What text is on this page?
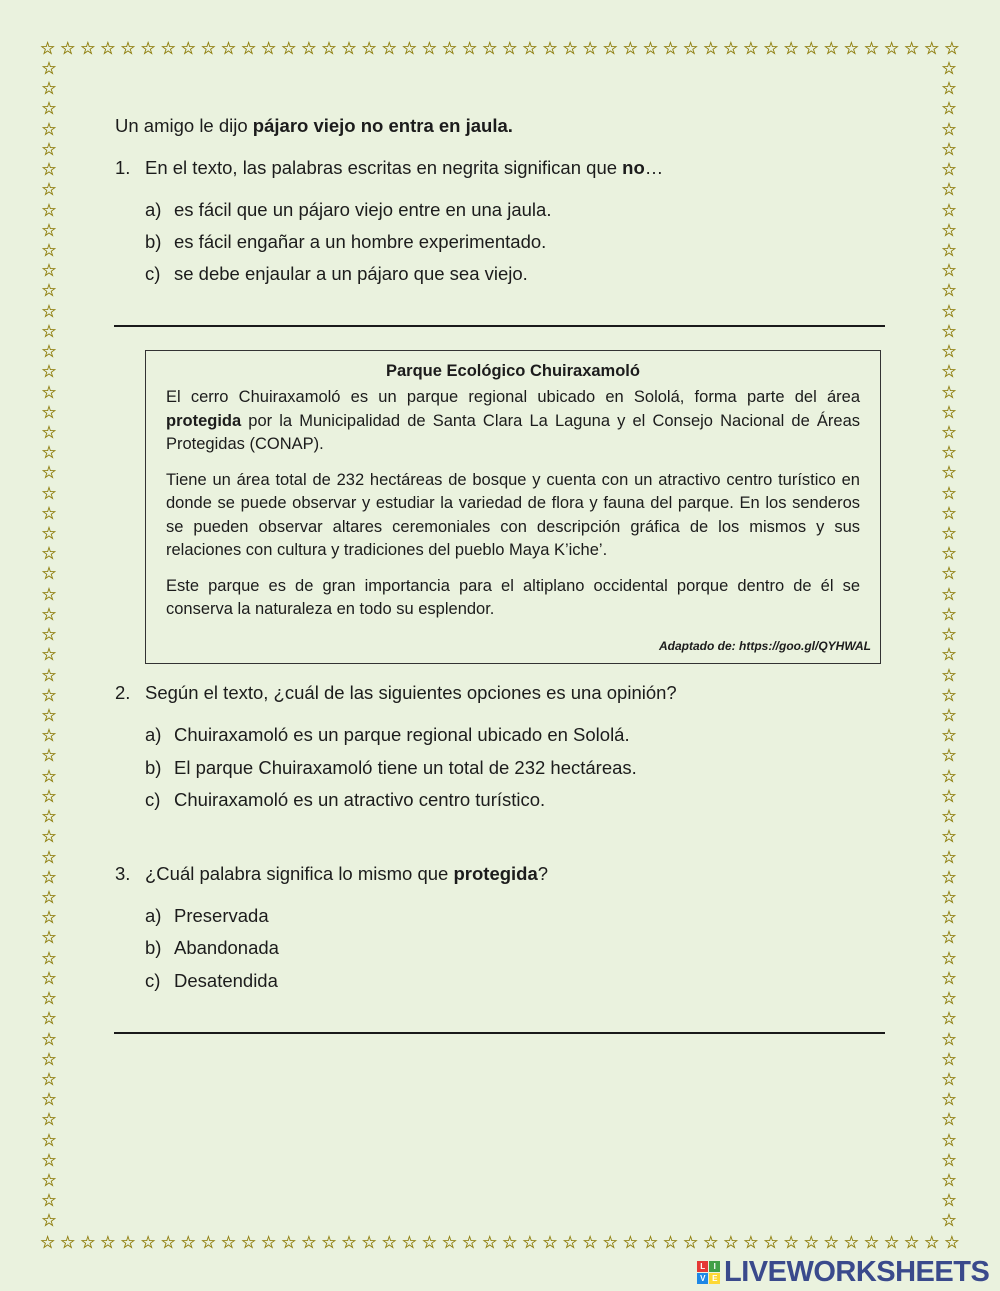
☆ ☆ ☆ ☆ ☆ ☆ ☆ ☆ ☆ ☆ ☆ ☆ ☆ ☆ ☆ ☆ ☆ ☆ ☆ ☆ ☆ ☆ ☆ ☆ ☆ ☆ ☆ ☆ ☆ ☆ ☆ ☆ ☆ ☆ ☆ ☆ ☆ ☆ ☆ ☆ ☆ ☆ ☆ ☆ ☆ ☆
☆ ☆ ☆ ☆ ☆ ☆ ☆ ☆ ☆ ☆ ☆ ☆ ☆ ☆ ☆ ☆ ☆ ☆ ☆ ☆ ☆ ☆ ☆ ☆ ☆ ☆ ☆ ☆ ☆ ☆ ☆ ☆ ☆ ☆ ☆ ☆ ☆ ☆ ☆ ☆ ☆ ☆ ☆ ☆ ☆ ☆
☆
☆
☆
☆
☆
☆
☆
☆
☆
☆
☆
☆
☆
☆
☆
☆
☆
☆
☆
☆
☆
☆
☆
☆
☆
☆
☆
☆
☆
☆
☆
☆
☆
☆
☆
☆
☆
☆
☆
☆
☆
☆
☆
☆
☆
☆
☆
☆
☆
☆
☆
☆
☆
☆
☆
☆
☆
☆
☆
☆
☆
☆
☆
☆
☆
☆
☆
☆
☆
☆
☆
☆
☆
☆
☆
☆
☆
☆
☆
☆
☆
☆
☆
☆
☆
☆
☆
☆
☆
☆
☆
☆
☆
☆
☆
☆
☆
☆
☆
☆
☆
☆
☆
☆
☆
☆
☆
☆
☆
☆
☆
☆
☆
☆
☆
☆
Un amigo le dijo pájaro viejo no entra en jaula.
1. En el texto, las palabras escritas en negrita significan que no…
a) es fácil que un pájaro viejo entre en una jaula.
b) es fácil engañar a un hombre experimentado.
c) se debe enjaular a un pájaro que sea viejo.
Parque Ecológico Chuiraxamoló

El cerro Chuiraxamoló es un parque regional ubicado en Sololá, forma parte del área protegida por la Municipalidad de Santa Clara La Laguna y el Consejo Nacional de Áreas Protegidas (CONAP).

Tiene un área total de 232 hectáreas de bosque y cuenta con un atractivo centro turístico en donde se puede observar y estudiar la variedad de flora y fauna del parque. En los senderos se pueden observar altares ceremoniales con descripción gráfica de los mismos y sus relaciones con cultura y tradiciones del pueblo Maya K’iche’.

Este parque es de gran importancia para el altiplano occidental porque dentro de él se conserva la naturaleza en todo su esplendor.

Adaptado de: https://goo.gl/QYHWAL
2. Según el texto, ¿cuál de las siguientes opciones es una opinión?
a) Chuiraxamoló es un parque regional ubicado en Sololá.
b) El parque Chuiraxamoló tiene un total de 232 hectáreas.
c) Chuiraxamoló es un atractivo centro turístico.
3. ¿Cuál palabra significa lo mismo que protegida?
a) Preservada
b) Abandonada
c) Desatendida
L	I
V E LIVEWORKSHEETS
